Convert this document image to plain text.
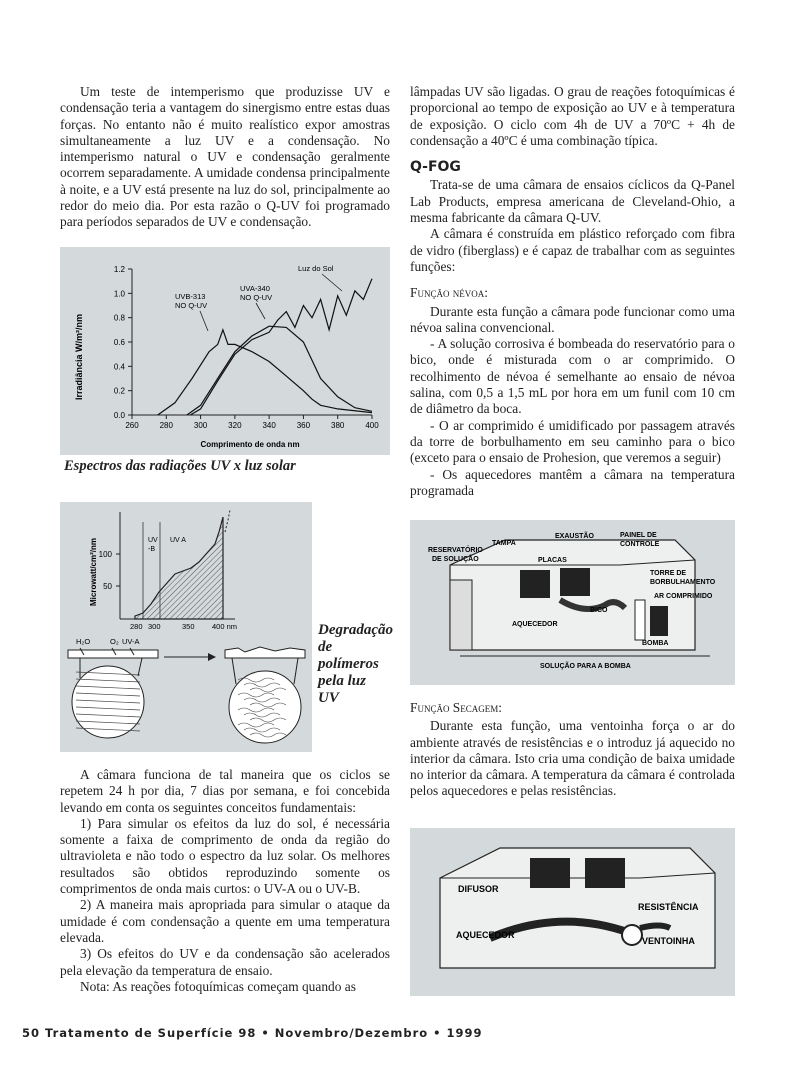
Um teste de intemperismo que produzisse UV e condensação teria a vantagem do sinergismo entre estas duas forças. No entanto não é muito realístico expor amostras simultaneamente a luz UV e a condensação. No intemperismo natural o UV e condensação geralmente ocorrem separadamente. A umidade condensa principalmente à noite, e a UV está presente na luz do sol, principalmente ao redor do meio dia. Por esta razão o Q-UV foi programado para períodos separados de UV e condensação.

Irradiância W/m²/nm
Comprimento de onda nm
0.0
0.2
0.4
0.6
0.8
1.0
1.2
260	280	300	320	340	360	380	400
UVB-313
NO Q-UV
UVA-340
NO Q-UV
Luz do Sol
Espectros das radiações UV x luz solar
Microwatt/cm²/nm 100
50
UV
-B
UV A
280 300	350 400 nm
H₂O	O₂ UV-A
Degradação
de
polímeros
pela luz
UV

A câmara funciona de tal maneira que os ciclos se repetem 24 h por dia, 7 dias por semana, e foi concebida levando em conta os seguintes conceitos fundamentais:

1) Para simular os efeitos da luz do sol, é necessária somente a faixa de comprimento de onda da região do ultravioleta e não todo o espectro da luz solar. Os melhores resultados são obtidos reproduzindo somente os comprimentos de onda mais curtos: o UV-A ou o UV-B.

2) A maneira mais apropriada para simular o ataque da umidade é com condensação a quente em uma temperatura elevada.

3) Os efeitos do UV e da condensação são acelerados pela elevação da temperatura de ensaio.

Nota: As reações fotoquímicas começam quando as

lâmpadas UV são ligadas. O grau de reações fotoquímicas é proporcional ao tempo de exposição ao UV e à temperatura de exposição. O ciclo com 4h de UV a 70ºC + 4h de condensação a 40ºC é uma combinação típica.

Q-FOG

Trata-se de uma câmara de ensaios cíclicos da Q-Panel Lab Products, empresa americana de Cleveland-Ohio, a mesma fabricante da câmara Q-UV.

A câmara é construída em plástico reforçado com fibra de vidro (fiberglass) e é capaz de trabalhar com as seguintes funções:

Função névoa:

Durante esta função a câmara pode funcionar como uma névoa salina convencional.

- A solução corrosiva é bombeada do reservatório para o bico, onde é misturada com o ar comprimido. O recolhimento de névoa é semelhante ao ensaio de névoa salina, com 0,5 a 1,5 mL por hora em um funil com 10 cm de diâmetro da boca.

- O ar comprimido é umidificado por passagem através da torre de borbulhamento em seu caminho para o bico (exceto para o ensaio de Prohesion, que veremos a seguir)

- Os aquecedores mantêm a câmara na temperatura programada

TAMPA
EXAUSTÃO	PAINEL DE
CONTROLE
RESERVATÓRIO
DE SOLUÇÃO	PLACAS
TORRE DE
BORBULHAMENTO
AR COMPRIMIDO
BICO
AQUECEDOR
BOMBA
SOLUÇÃO PARA A BOMBA

Função Secagem:

Durante esta função, uma ventoinha força o ar do ambiente através de resistências e o introduz já aquecido no interior da câmara. Isto cria uma condição de baixa umidade no interior da câmara. A temperatura da câmara é controlada pelos aquecedores e pelas resistências.

DIFUSOR
RESISTÊNCIA
AQUECEDOR
VENTOINHA
50 Tratamento de Superfície 98 • Novembro/Dezembro • 1999
